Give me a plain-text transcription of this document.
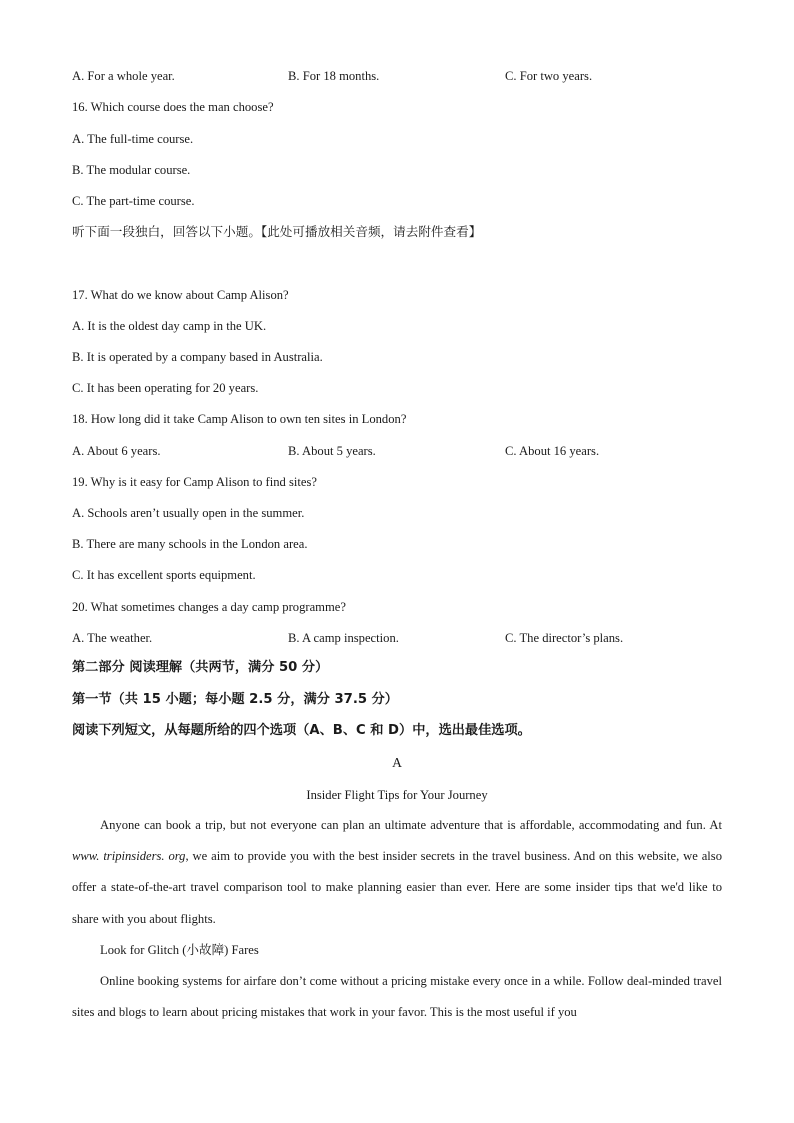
A. For a whole year.	B. For 18 months.	C. For two years.
16. Which course does the man choose?
A. The full-time course.
B. The modular course.
C. The part-time course.
听下面一段独白，回答以下小题。【此处可播放相关音频，请去附件查看】
17. What do we know about Camp Alison?
A. It is the oldest day camp in the UK.
B. It is operated by a company based in Australia.
C. It has been operating for 20 years.
18. How long did it take Camp Alison to own ten sites in London?
A. About 6 years.	B. About 5 years.	C. About 16 years.
19. Why is it easy for Camp Alison to find sites?
A. Schools aren’t usually open in the summer.
B. There are many schools in the London area.
C. It has excellent sports equipment.
20. What sometimes changes a day camp programme?
A. The weather.	B. A camp inspection.	C. The director’s plans.
第二部分 阅读理解（共两节，满分 50 分）
第一节（共 15 小题；每小题 2.5 分，满分 37.5 分）
阅读下列短文，从每题所给的四个选项（A、B、C 和 D）中，选出最佳选项。
A
Insider Flight Tips for Your Journey
Anyone can book a trip, but not everyone can plan an ultimate adventure that is affordable, accommodating and fun. At www. tripinsiders. org, we aim to provide you with the best insider secrets in the travel business. And on this website, we also offer a state-of-the-art travel comparison tool to make planning easier than ever. Here are some insider tips that we'd like to share with you about flights.
Look for Glitch (小故障) Fares
Online booking systems for airfare don’t come without a pricing mistake every once in a while. Follow deal-minded travel sites and blogs to learn about pricing mistakes that work in your favor. This is the most useful if you
